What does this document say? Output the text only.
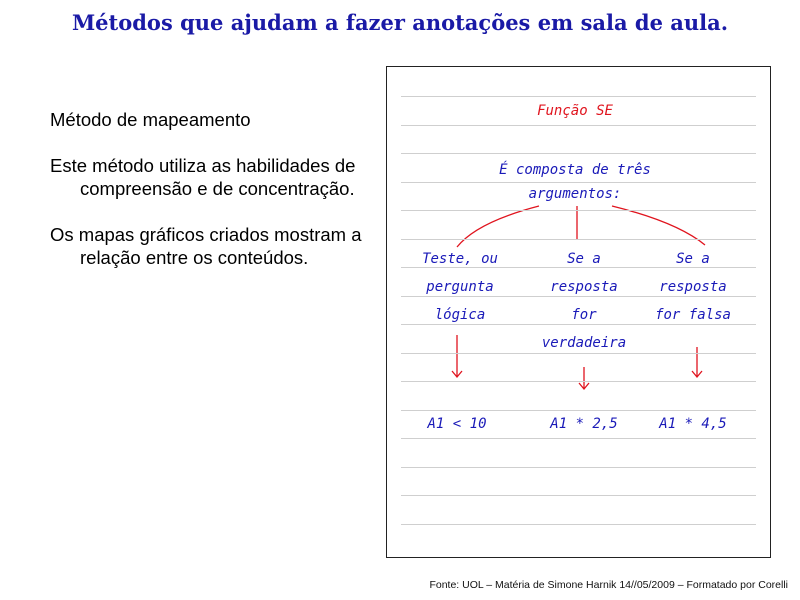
Métodos que ajudam a fazer anotações em sala de aula.

Método de mapeamento

Este método utiliza as habilidades de compreensão e de concentração.

Os mapas gráficos criados mostram a relação entre os conteúdos.

Função SE
É composta de três
argumentos:
Teste, ou
pergunta
lógica
Se a
resposta
for
verdadeira
Se a
resposta
for falsa
A1 < 10	A1 * 2,5	A1 * 4,5
Fonte: UOL – Matéria de Simone Harnik 14//05/2009 – Formatado por Corelli
